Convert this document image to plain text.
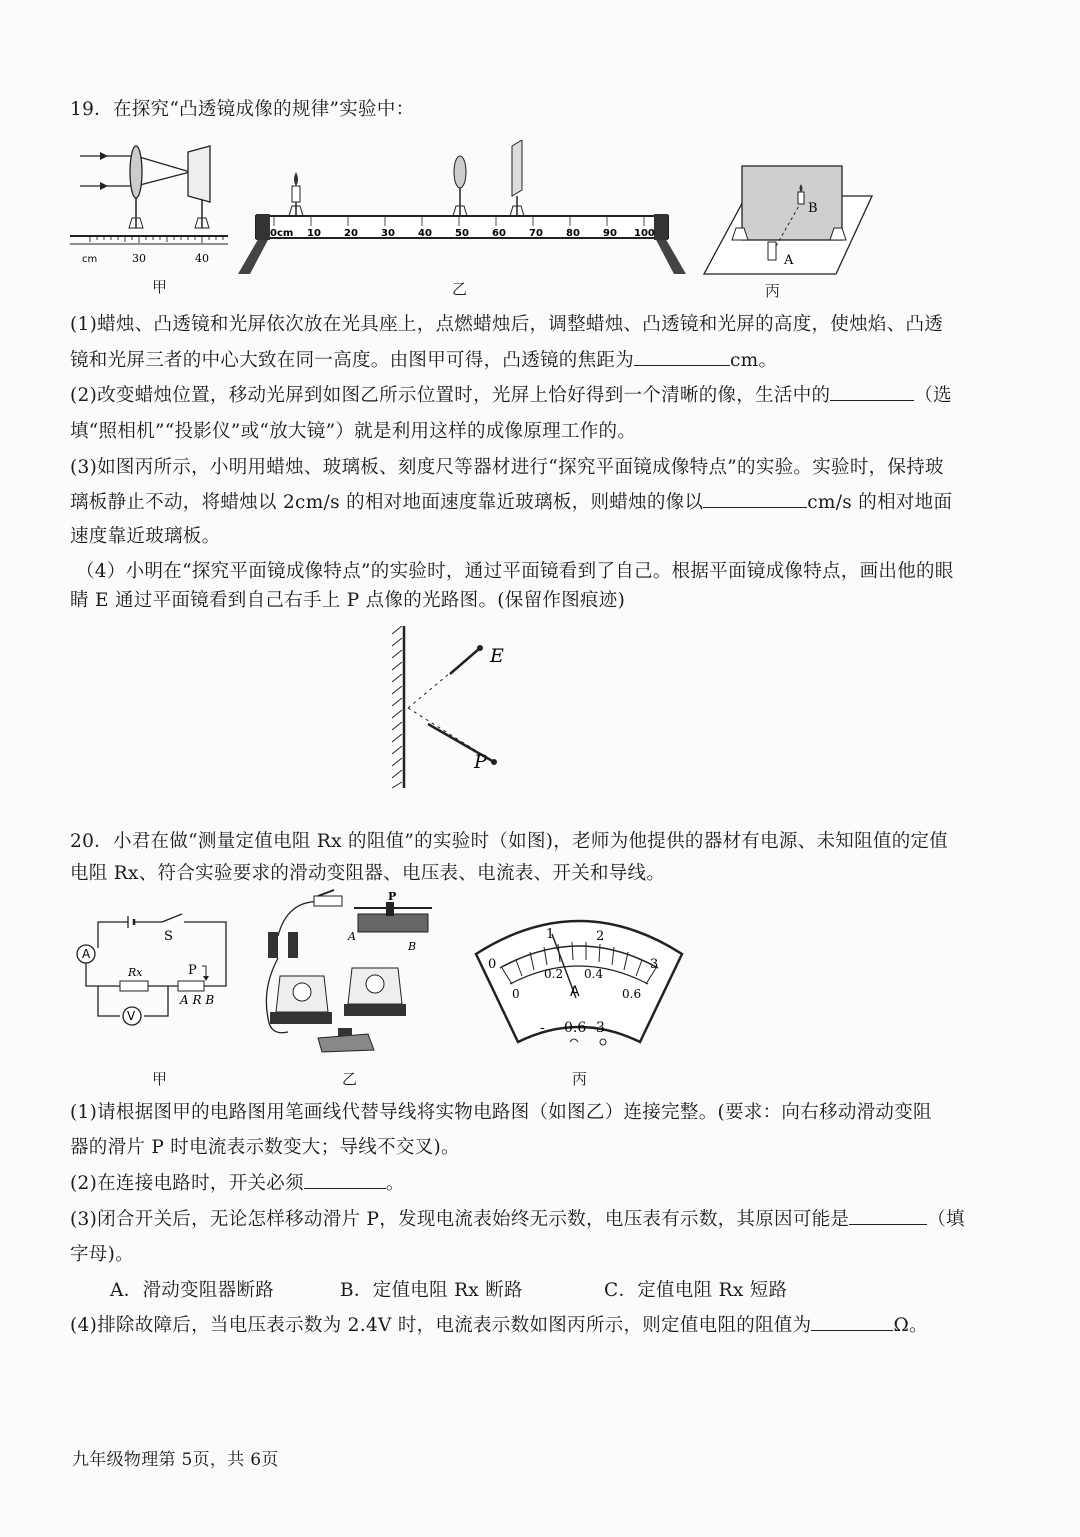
19．在探究“凸透镜成像的规律”实验中：
cm	30	40
甲
0cm 10 20 30 40 50 60 70 80 90 100
乙
B
A
丙
(1)蜡烛、凸透镜和光屏依次放在光具座上，点燃蜡烛后，调整蜡烛、凸透镜和光屏的高度，使烛焰、凸透
镜和光屏三者的中心大致在同一高度。由图甲可得，凸透镜的焦距为	cm。
(2)改变蜡烛位置，移动光屏到如图乙所示位置时，光屏上恰好得到一个清晰的像，生活中的	（选
填“照相机”“投影仪”或“放大镜”）就是利用这样的成像原理工作的。
(3)如图丙所示，小明用蜡烛、玻璃板、刻度尺等器材进行“探究平面镜成像特点”的实验。实验时，保持玻
璃板静止不动，将蜡烛以 2cm/s 的相对地面速度靠近玻璃板，则蜡烛的像以	cm/s 的相对地面
速度靠近玻璃板。
（4）小明在“探究平面镜成像特点”的实验时，通过平面镜看到了自己。根据平面镜成像特点，画出他的眼
睛 E 通过平面镜看到自己右手上 P 点像的光路图。(保留作图痕迹)
E
P
20．小君在做“测量定值电阻 Rx 的阻值”的实验时（如图)，老师为他提供的器材有电源、未知阻值的定值
电阻 Rx、符合实验要求的滑动变阻器、电压表、电流表、开关和导线。
A
S
Rx	P
A R B
V
甲
P
A
B
乙
0
1	2
3
0
0.2 0.4
0.6
A
- 0.6 3
丙
(1)请根据图甲的电路图用笔画线代替导线将实物电路图（如图乙）连接完整。(要求：向右移动滑动变阻
器的滑片 P 时电流表示数变大；导线不交叉)。
(2)在连接电路时，开关必须	。
(3)闭合开关后，无论怎样移动滑片 P，发现电流表始终无示数，电压表有示数，其原因可能是	（填
字母)。
A．滑动变阻器断路	B．定值电阻 Rx 断路	C．定值电阻 Rx 短路
(4)排除故障后，当电压表示数为 2.4V 时，电流表示数如图丙所示，则定值电阻的阻值为	Ω。
九年级物理第 5页，共 6页
